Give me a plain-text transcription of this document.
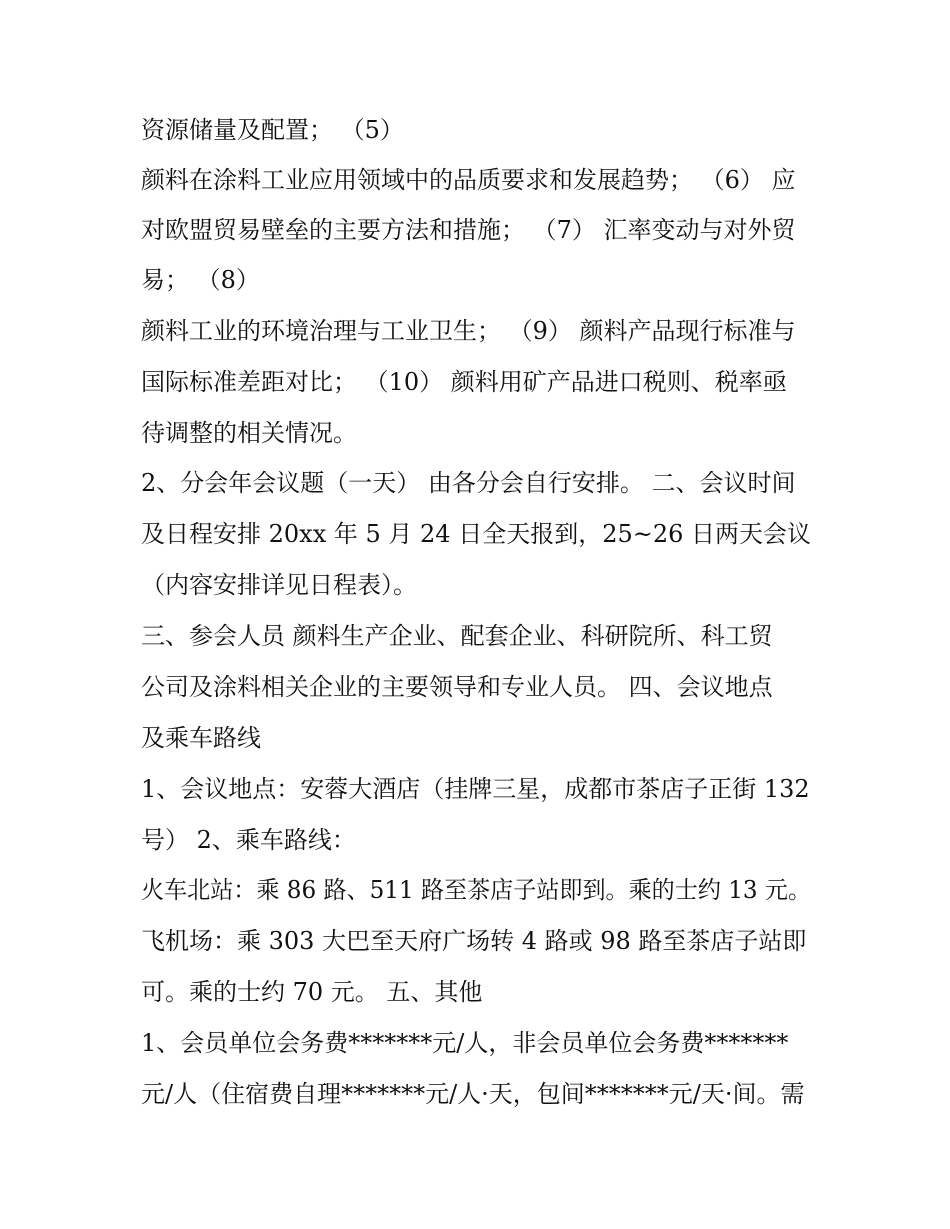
资源储量及配置； （5）

颜料在涂料工业应用领域中的品质要求和发展趋势； （6） 应

对欧盟贸易壁垒的主要方法和措施； （7） 汇率变动与对外贸

易； （8）

颜料工业的环境治理与工业卫生； （9） 颜料产品现行标准与

国际标准差距对比； （10） 颜料用矿产品进口税则、税率亟

待调整的相关情况。

2、分会年会议题（一天） 由各分会自行安排。 二、会议时间

及日程安排 20xx 年 5 月 24 日全天报到，25~26 日两天会议

（内容安排详见日程表）。

三、参会人员 颜料生产企业、配套企业、科研院所、科工贸

公司及涂料相关企业的主要领导和专业人员。 四、会议地点

及乘车路线

1、会议地点：安蓉大酒店（挂牌三星，成都市茶店子正街 132

号） 2、乘车路线：

火车北站：乘 86 路、511 路至茶店子站即到。乘的士约 13 元。

飞机场：乘 303 大巴至天府广场转 4 路或 98 路至茶店子站即

可。乘的士约 70 元。 五、其他

1、会员单位会务费*******元/人，非会员单位会务费*******

元/人（住宿费自理*******元/人·天，包间*******元/天·间。需
